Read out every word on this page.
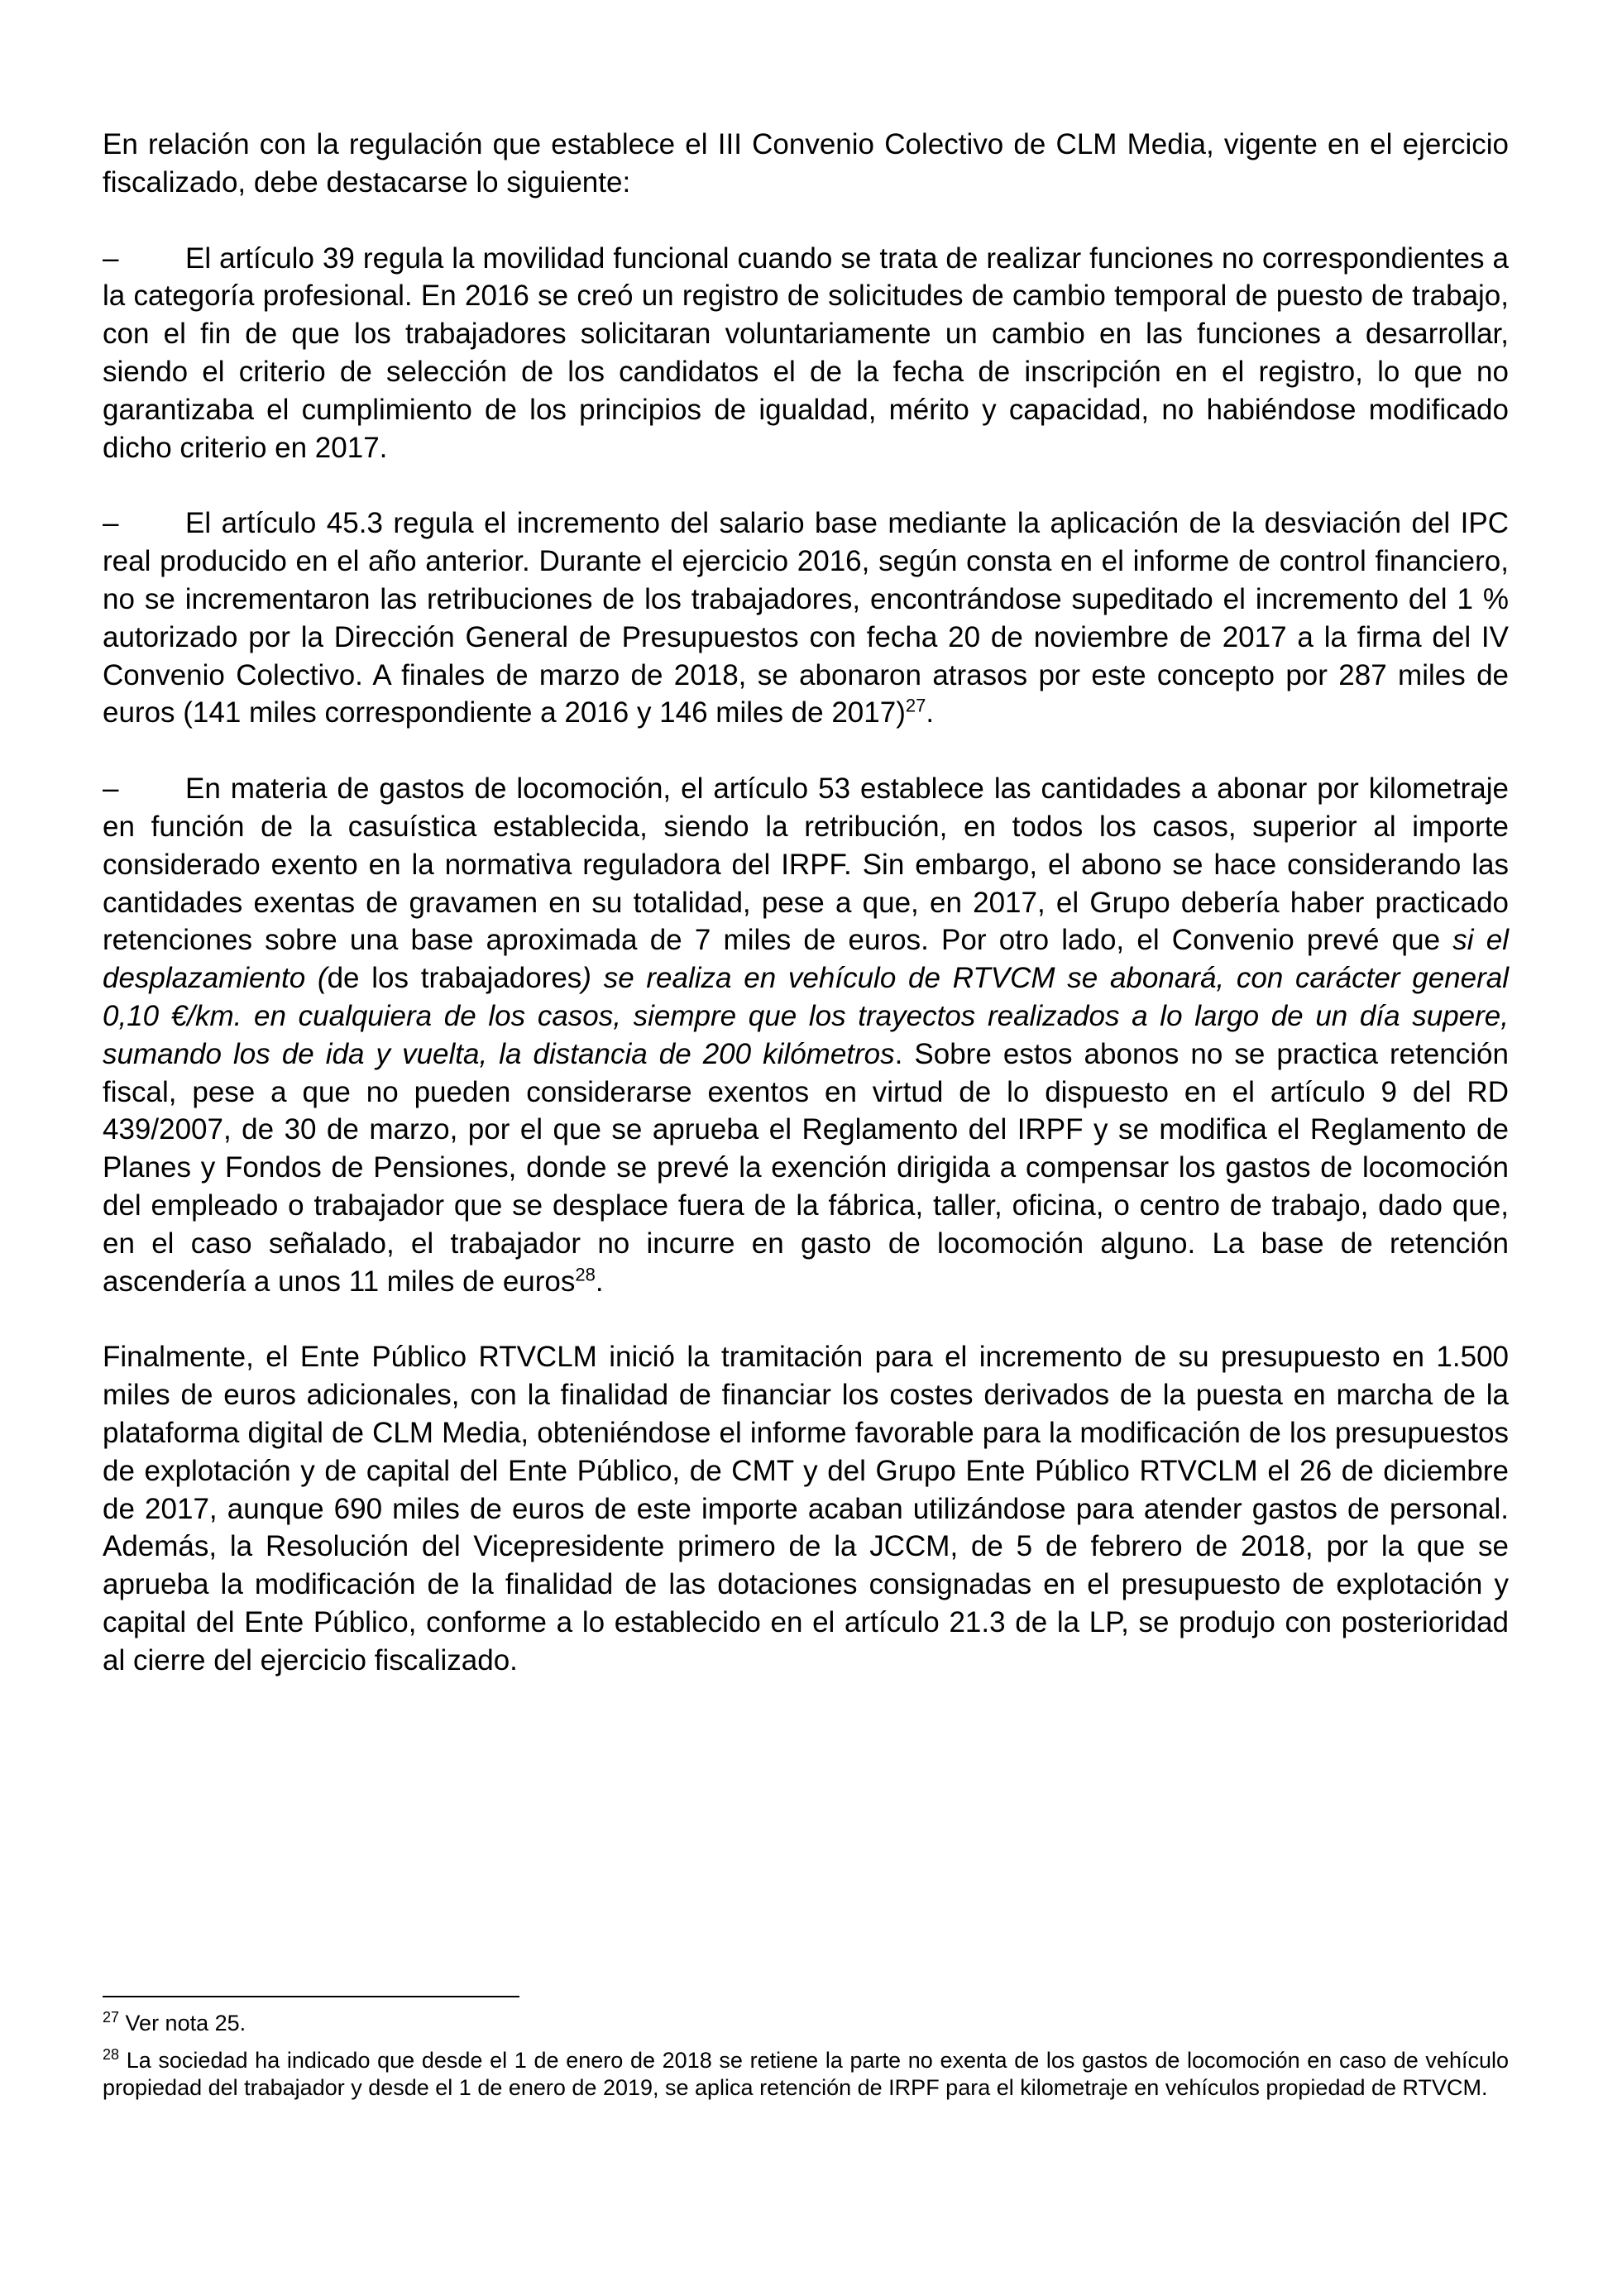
En relación con la regulación que establece el III Convenio Colectivo de CLM Media, vigente en el ejercicio fiscalizado, debe destacarse lo siguiente:

– El artículo 39 regula la movilidad funcional cuando se trata de realizar funciones no correspondientes a la categoría profesional. En 2016 se creó un registro de solicitudes de cambio temporal de puesto de trabajo, con el fin de que los trabajadores solicitaran voluntariamente un cambio en las funciones a desarrollar, siendo el criterio de selección de los candidatos el de la fecha de inscripción en el registro, lo que no garantizaba el cumplimiento de los principios de igualdad, mérito y capacidad, no habiéndose modificado dicho criterio en 2017.

– El artículo 45.3 regula el incremento del salario base mediante la aplicación de la desviación del IPC real producido en el año anterior. Durante el ejercicio 2016, según consta en el informe de control financiero, no se incrementaron las retribuciones de los trabajadores, encontrándose supeditado el incremento del 1 % autorizado por la Dirección General de Presupuestos con fecha 20 de noviembre de 2017 a la firma del IV Convenio Colectivo. A finales de marzo de 2018, se abonaron atrasos por este concepto por 287 miles de euros (141 miles correspondiente a 2016 y 146 miles de 2017)$^{27}$.

– En materia de gastos de locomoción, el artículo 53 establece las cantidades a abonar por kilometraje en función de la casuística establecida, siendo la retribución, en todos los casos, superior al importe considerado exento en la normativa reguladora del IRPF. Sin embargo, el abono se hace considerando las cantidades exentas de gravamen en su totalidad, pese a que, en 2017, el Grupo debería haber practicado retenciones sobre una base aproximada de 7 miles de euros. Por otro lado, el Convenio prevé que si el desplazamiento (de los trabajadores) se realiza en vehículo de RTVCM se abonará, con carácter general 0,10 €/km. en cualquiera de los casos, siempre que los trayectos realizados a lo largo de un día supere, sumando los de ida y vuelta, la distancia de 200 kilómetros. Sobre estos abonos no se practica retención fiscal, pese a que no pueden considerarse exentos en virtud de lo dispuesto en el artículo 9 del RD 439/2007, de 30 de marzo, por el que se aprueba el Reglamento del IRPF y se modifica el Reglamento de Planes y Fondos de Pensiones, donde se prevé la exención dirigida a compensar los gastos de locomoción del empleado o trabajador que se desplace fuera de la fábrica, taller, oficina, o centro de trabajo, dado que, en el caso señalado, el trabajador no incurre en gasto de locomoción alguno. La base de retención ascendería a unos 11 miles de euros$^{28}$.

Finalmente, el Ente Público RTVCLM inició la tramitación para el incremento de su presupuesto en 1.500 miles de euros adicionales, con la finalidad de financiar los costes derivados de la puesta en marcha de la plataforma digital de CLM Media, obteniéndose el informe favorable para la modificación de los presupuestos de explotación y de capital del Ente Público, de CMT y del Grupo Ente Público RTVCLM el 26 de diciembre de 2017, aunque 690 miles de euros de este importe acaban utilizándose para atender gastos de personal. Además, la Resolución del Vicepresidente primero de la JCCM, de 5 de febrero de 2018, por la que se aprueba la modificación de la finalidad de las dotaciones consignadas en el presupuesto de explotación y capital del Ente Público, conforme a lo establecido en el artículo 21.3 de la LP, se produjo con posterioridad al cierre del ejercicio fiscalizado.

$^{27}$ Ver nota 25.

$^{28}$ La sociedad ha indicado que desde el 1 de enero de 2018 se retiene la parte no exenta de los gastos de locomoción en caso de vehículo propiedad del trabajador y desde el 1 de enero de 2019, se aplica retención de IRPF para el kilometraje en vehículos propiedad de RTVCM.
